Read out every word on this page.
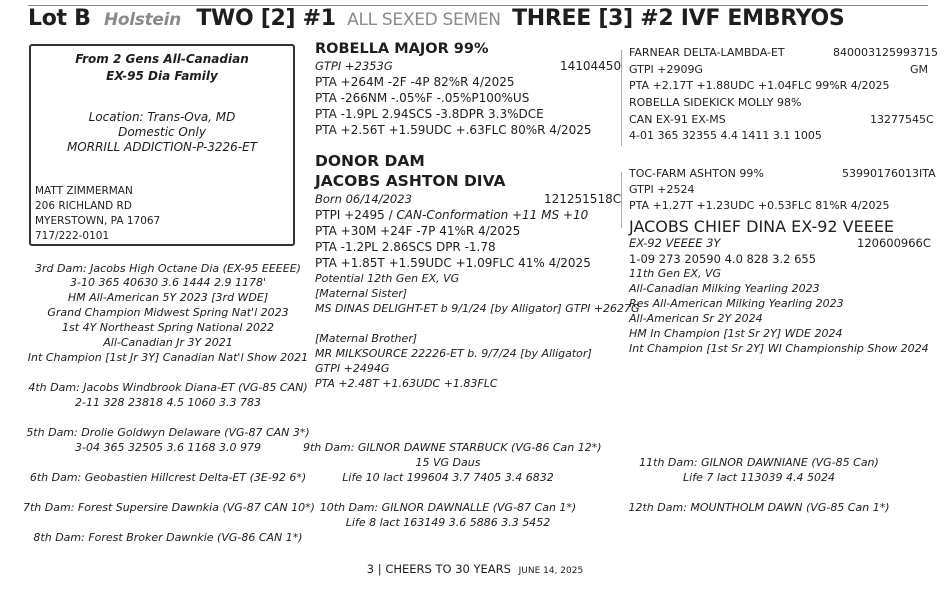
Lot B Holstein TWO [2] #1 ALL SEXED SEMEN THREE [3] #2 IVF EMBRYOS
From 2 Gens All-Canadian
EX-95 Dia Family
Location: Trans-Ova, MD
Domestic Only
MORRILL ADDICTION-P-3226-ET
MATT ZIMMERMAN
206 RICHLAND RD
MYERSTOWN, PA 17067
717/222-0101
3rd Dam: Jacobs High Octane Dia (EX-95 EEEEE)
3-10 365 40630 3.6 1444 2.9 1178'
HM All-American 5Y 2023 [3rd WDE]
Grand Champion Midwest Spring Nat'l 2023
1st 4Y Northeast Spring National 2022
All-Canadian Jr 3Y 2021
Int Champion [1st Jr 3Y] Canadian Nat'l Show 2021
4th Dam: Jacobs Windbrook Diana-ET (VG-85 CAN)
2-11 328 23818 4.5 1060 3.3 783
5th Dam: Drolie Goldwyn Delaware (VG-87 CAN 3*)
3-04 365 32505 3.6 1168 3.0 979
6th Dam: Geobastien Hillcrest Delta-ET (3E-92 6*)
7th Dam: Forest Supersire Dawnkia (VG-87 CAN 10*)
8th Dam: Forest Broker Dawnkie (VG-86 CAN 1*)
ROBELLA MAJOR 99%
GTPI +2353G	14104450
PTA +264M -2F -4P 82%R 4/2025
PTA -266NM -.05%F -.05%P100%US
PTA -1.9PL 2.94SCS -3.8DPR 3.3%DCE
PTA +2.56T +1.59UDC +.63FLC 80%R 4/2025
DONOR DAM
JACOBS ASHTON DIVA
Born 06/14/2023	121251518C
PTPI +2495 / CAN-Conformation +11 MS +10
PTA +30M +24F -7P 41%R 4/2025
PTA -1.2PL 2.86SCS DPR -1.78
PTA +1.85T +1.59UDC +1.09FLC 41% 4/2025
Potential 12th Gen EX, VG
[Maternal Sister]
MS DINAS DELIGHT-ET b 9/1/24 [by Alligator] GTPI +2627G
[Maternal Brother]
MR MILKSOURCE 22226-ET b. 9/7/24 [by Alligator]
GTPI +2494G
PTA +2.48T +1.63UDC +1.83FLC
9th Dam: GILNOR DAWNE STARBUCK (VG-86 Can 12*)
15 VG Daus
Life 10 lact 199604 3.7 7405 3.4 6832
10th Dam: GILNOR DAWNALLE (VG-87 Can 1*)
Life 8 lact 163149 3.6 5886 3.3 5452
FARNEAR DELTA-LAMBDA-ET	840003125993715
GTPI +2909G	GM
PTA +2.17T +1.88UDC +1.04FLC 99%R 4/2025
ROBELLA SIDEKICK MOLLY 98%
CAN EX-91 EX-MS	13277545C
4-01 365 32355 4.4 1411 3.1 1005
TOC-FARM ASHTON 99%	53990176013ITA
GTPI +2524
PTA +1.27T +1.23UDC +0.53FLC 81%R 4/2025
JACOBS CHIEF DINA EX-92 VEEEE
EX-92 VEEEE 3Y	120600966C
1-09 273 20590 4.0 828 3.2 655
11th Gen EX, VG
All-Canadian Milking Yearling 2023
Res All-American Milking Yearling 2023
All-American Sr 2Y 2024
HM In Champion [1st Sr 2Y] WDE 2024
Int Champion [1st Sr 2Y] WI Championship Show 2024
11th Dam: GILNOR DAWNIANE (VG-85 Can)
Life 7 lact 113039 4.4 5024
12th Dam: MOUNTHOLM DAWN (VG-85 Can 1*)
3 | CHEERS TO 30 YEARS JUNE 14, 2025
